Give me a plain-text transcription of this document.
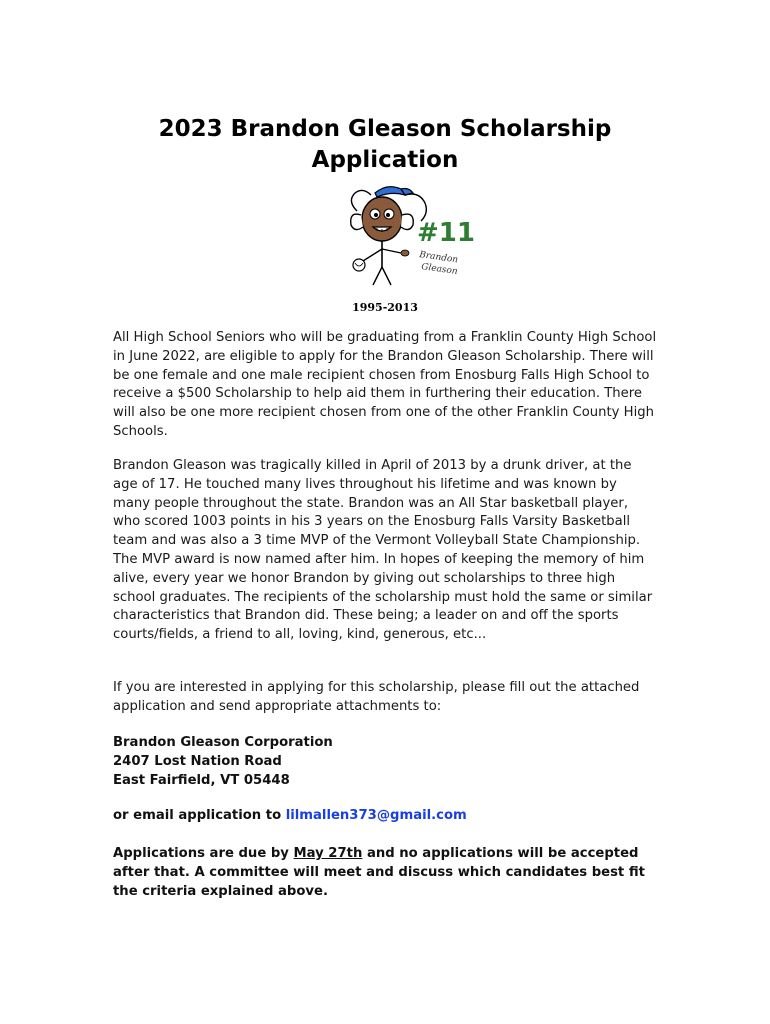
2023 Brandon Gleason Scholarship
Application
#11
Brandon
Gleason
1995-2013

All High School Seniors who will be graduating from a Franklin County High School in June 2022, are eligible to apply for the Brandon Gleason Scholarship. There will be one female and one male recipient chosen from Enosburg Falls High School to receive a $500 Scholarship to help aid them in furthering their education. There will also be one more recipient chosen from one of the other Franklin County High Schools.

Brandon Gleason was tragically killed in April of 2013 by a drunk driver, at the age of 17. He touched many lives throughout his lifetime and was known by many people throughout the state. Brandon was an All Star basketball player, who scored 1003 points in his 3 years on the Enosburg Falls Varsity Basketball team and was also a 3 time MVP of the Vermont Volleyball State Championship. The MVP award is now named after him. In hopes of keeping the memory of him alive, every year we honor Brandon by giving out scholarships to three high school graduates. The recipients of the scholarship must hold the same or similar characteristics that Brandon did. These being; a leader on and off the sports courts/fields, a friend to all, loving, kind, generous, etc...

If you are interested in applying for this scholarship, please fill out the attached application and send appropriate attachments to:

Brandon Gleason Corporation
2407 Lost Nation Road
East Fairfield, VT 05448
or email application to lilmallen373@gmail.com
Applications are due by May 27th and no applications will be accepted after that. A committee will meet and discuss which candidates best fit the criteria explained above.
